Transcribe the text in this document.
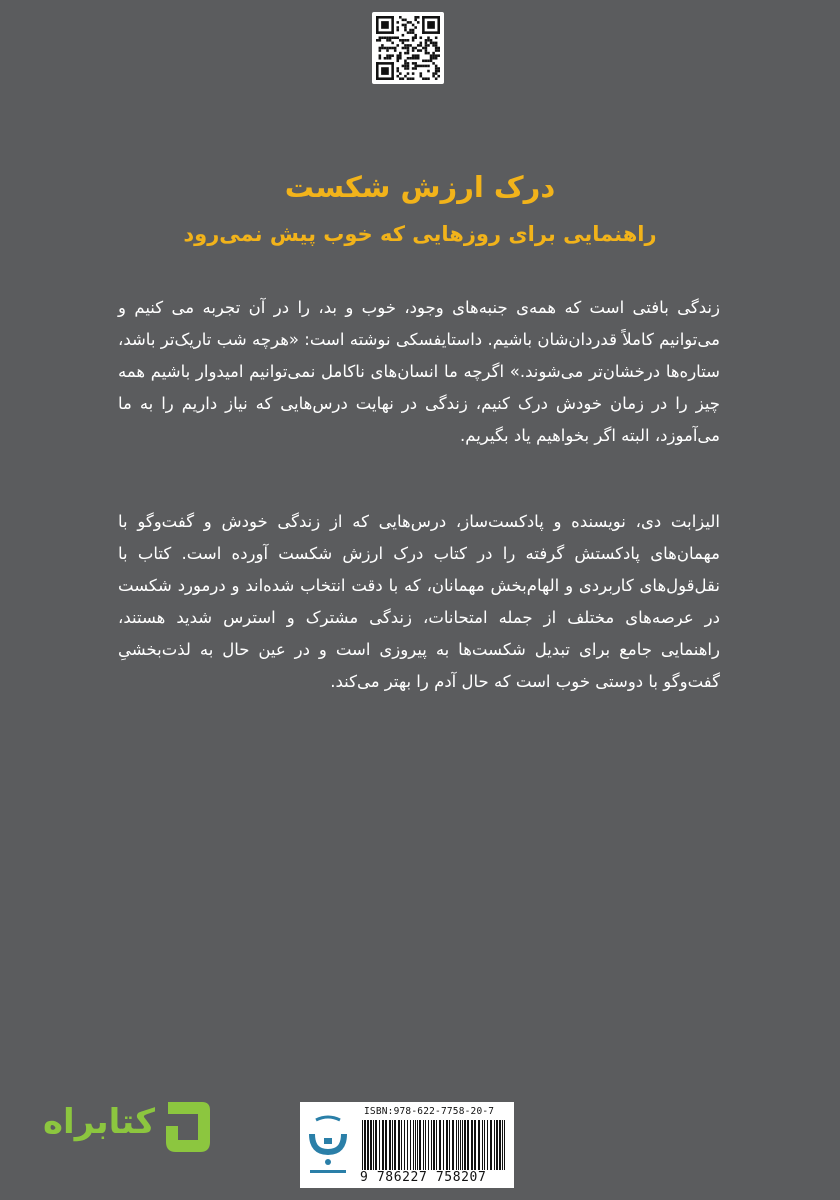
درک ارزش شکست
راهنمایی برای روزهایی که خوب پیش نمی‌رود
زندگی بافتی است که همه‌ی جنبه‌های وجود، خوب و بد، را در آن تجربه می کنیم و می‌توانیم کاملاً قدردان‌شان باشیم. داستایفسکی نوشته است: «هرچه شب تاریک‌تر باشد، ستاره‌ها درخشان‌تر می‌شوند.» اگرچه ما انسان‌های ناکامل نمی‌توانیم امیدوار باشیم همه چیز را در زمان خودش درک کنیم، زندگی در نهایت درس‌هایی که نیاز داریم را به ما می‌آموزد، البته اگر بخواهیم یاد بگیریم.
الیزابت دی، نویسنده و پادکست‌ساز، درس‌هایی که از زندگی خودش و گفت‌وگو با مهمان‌های پادکستش گرفته را در کتاب درک ارزش شکست آورده است. کتاب با نقل‌قول‌های کاربردی و الهام‌بخش مهمانان، که با دقت انتخاب شده‌اند و درمورد شکست در عرصه‌های مختلف از جمله امتحانات، زندگی مشترک و استرس شدید هستند، راهنمایی جامع برای تبدیل شکست‌ها به پیروزی است و در عین حال به لذت‌بخشیِ گفت‌وگو با دوستی خوب است که حال آدم را بهتر می‌کند.
کتابراه	ISBN:978-622-7758-20-7
9 786227 758207
